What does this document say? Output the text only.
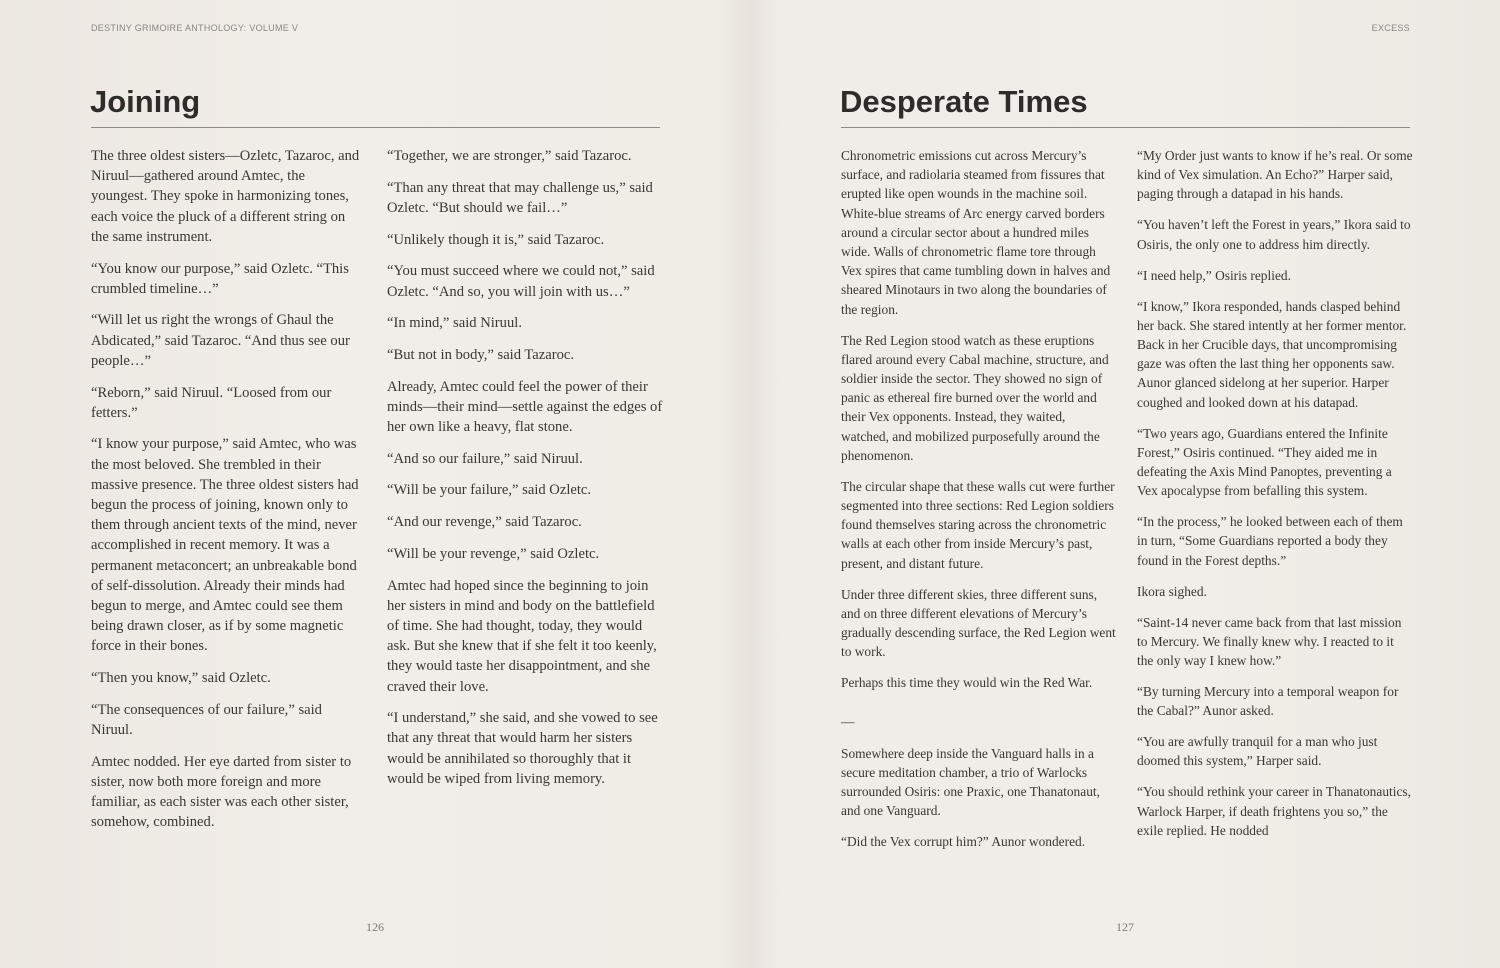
DESTINY GRIMOIRE ANTHOLOGY: VOLUME V	EXCESS
Joining

The three oldest sisters—Ozletc, Tazaroc, and Niruul—gathered around Amtec, the youngest. They spoke in harmonizing tones, each voice the pluck of a different string on the same instrument.

“You know our purpose,” said Ozletc. “This crumbled timeline…”

“Will let us right the wrongs of Ghaul the Abdicated,” said Tazaroc. “And thus see our people…”

“Reborn,” said Niruul. “Loosed from our fetters.”

“I know your purpose,” said Amtec, who was the most beloved. She trembled in their massive presence. The three oldest sisters had begun the process of joining, known only to them through ancient texts of the mind, never accomplished in recent memory. It was a permanent metaconcert; an unbreakable bond of self-dissolution. Already their minds had begun to merge, and Amtec could see them being drawn closer, as if by some magnetic force in their bones.

“Then you know,” said Ozletc.

“The consequences of our failure,” said Niruul.

Amtec nodded. Her eye darted from sister to sister, now both more foreign and more familiar, as each sister was each other sister, somehow, combined.

“Together, we are stronger,” said Tazaroc.

“Than any threat that may challenge us,” said Ozletc. “But should we fail…”

“Unlikely though it is,” said Tazaroc.

“You must succeed where we could not,” said Ozletc. “And so, you will join with us…”

“In mind,” said Niruul.

“But not in body,” said Tazaroc.

Already, Amtec could feel the power of their minds—their mind—settle against the edges of her own like a heavy, flat stone.

“And so our failure,” said Niruul.

“Will be your failure,” said Ozletc.

“And our revenge,” said Tazaroc.

“Will be your revenge,” said Ozletc.

Amtec had hoped since the beginning to join her sisters in mind and body on the battlefield of time. She had thought, today, they would ask. But she knew that if she felt it too keenly, they would taste her disappointment, and she craved their love.

“I understand,” she said, and she vowed to see that any threat that would harm her sisters would be annihilated so thoroughly that it would be wiped from living memory.

126
Desperate Times

Chronometric emissions cut across Mercury’s surface, and radiolaria steamed from fissures that erupted like open wounds in the machine soil. White-blue streams of Arc energy carved borders around a circular sector about a hundred miles wide. Walls of chronometric flame tore through Vex spires that came tumbling down in halves and sheared Minotaurs in two along the boundaries of the region.

The Red Legion stood watch as these eruptions flared around every Cabal machine, structure, and soldier inside the sector. They showed no sign of panic as ethereal fire burned over the world and their Vex opponents. Instead, they waited, watched, and mobilized purposefully around the phenomenon.

The circular shape that these walls cut were further segmented into three sections: Red Legion soldiers found themselves staring across the chronometric walls at each other from inside Mercury’s past, present, and distant future.

Under three different skies, three different suns, and on three different elevations of Mercury’s gradually descending surface, the Red Legion went to work.

Perhaps this time they would win the Red War.

—

Somewhere deep inside the Vanguard halls in a secure meditation chamber, a trio of Warlocks surrounded Osiris: one Praxic, one Thanatonaut, and one Vanguard.

“Did the Vex corrupt him?” Aunor wondered.

“My Order just wants to know if he’s real. Or some kind of Vex simulation. An Echo?” Harper said, paging through a datapad in his hands.

“You haven’t left the Forest in years,” Ikora said to Osiris, the only one to address him directly.

“I need help,” Osiris replied.

“I know,” Ikora responded, hands clasped behind her back. She stared intently at her former mentor. Back in her Crucible days, that uncompromising gaze was often the last thing her opponents saw. Aunor glanced sidelong at her superior. Harper coughed and looked down at his datapad.

“Two years ago, Guardians entered the Infinite Forest,” Osiris continued. “They aided me in defeating the Axis Mind Panoptes, preventing a Vex apocalypse from befalling this system.

“In the process,” he looked between each of them in turn, “Some Guardians reported a body they found in the Forest depths.”

Ikora sighed.

“Saint-14 never came back from that last mission to Mercury. We finally knew why. I reacted to it the only way I knew how.”

“By turning Mercury into a temporal weapon for the Cabal?” Aunor asked.

“You are awfully tranquil for a man who just doomed this system,” Harper said.

“You should rethink your career in Thanatonautics, Warlock Harper, if death frightens you so,” the exile replied. He nodded

127
